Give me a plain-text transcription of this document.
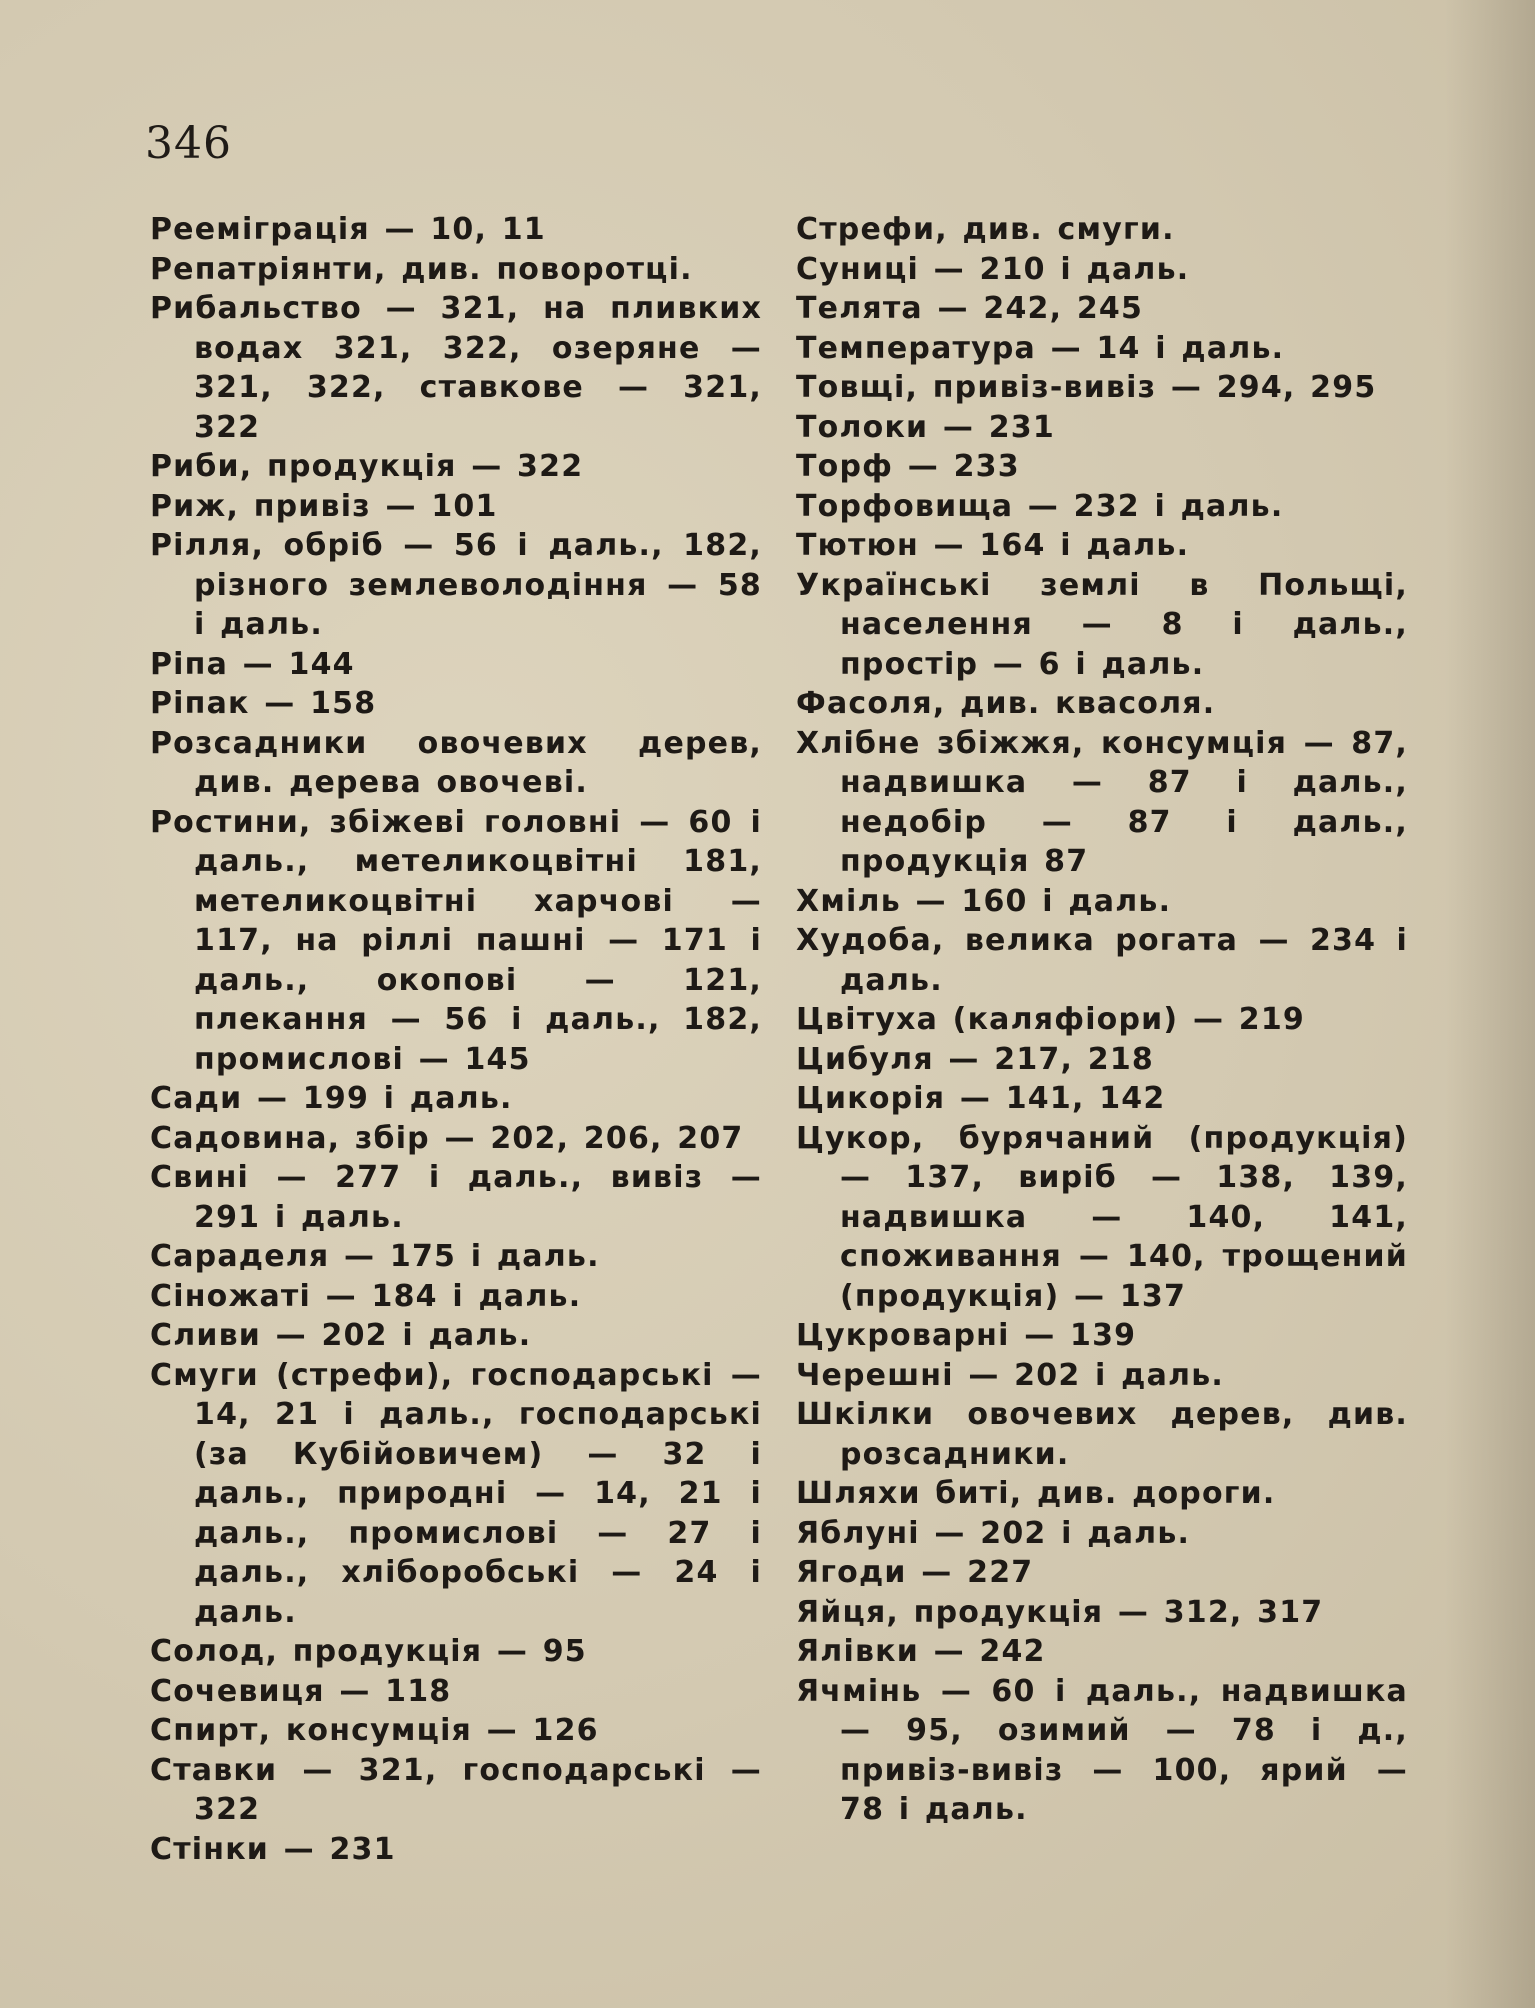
346

Рееміграція — 10, 11

Репатріянти, див. поворотці.

Рибальство — 321, на пливких водах 321, 322, озеряне — 321, 322, ставкове — 321, 322

Риби, продукція — 322

Риж, привіз — 101

Рілля, обріб — 56 і даль., 182, різного землеволодіння — 58 і даль.

Ріпа — 144

Ріпак — 158

Розсадники овочевих дерев, див. дерева овочеві.

Ростини, збіжеві головні — 60 і даль., метеликоцвітні 181, метеликоцвітні харчові — 117, на ріллі пашні — 171 і даль., окопові — 121, плекання — 56 і даль., 182, промислові — 145

Сади — 199 і даль.

Садовина, збір — 202, 206, 207

Свині — 277 і даль., вивіз — 291 і даль.

Сараделя — 175 і даль.

Сіножаті — 184 і даль.

Сливи — 202 і даль.

Смуги (стрефи), господарські — 14, 21 і даль., господарські (за Кубійовичем) — 32 і даль., природні — 14, 21 і даль., промислові — 27 і даль., хліборобські — 24 і даль.

Солод, продукція — 95

Сочевиця — 118

Спирт, консумція — 126

Ставки — 321, господарські — 322

Стінки — 231

Стрефи, див. смуги.

Суниці — 210 і даль.

Телята — 242, 245

Температура — 14 і даль.

Товщі, привіз-вивіз — 294, 295

Толоки — 231

Торф — 233

Торфовища — 232 і даль.

Тютюн — 164 і даль.

Українські землі в Польщі, населення — 8 і даль., простір — 6 і даль.

Фасоля, див. квасоля.

Хлібне збіжжя, консумція — 87, надвишка — 87 і даль., недобір — 87 і даль., продукція 87

Хміль — 160 і даль.

Худоба, велика рогата — 234 і даль.

Цвітуха (каляфіори) — 219

Цибуля — 217, 218

Цикорія — 141, 142

Цукор, бурячаний (продукція) — 137, виріб — 138, 139, надвишка — 140, 141, споживання — 140, трощений (продукція) — 137

Цукроварні — 139

Черешні — 202 і даль.

Шкілки овочевих дерев, див. розсадники.

Шляхи биті, див. дороги.

Яблуні — 202 і даль.

Ягоди — 227

Яйця, продукція — 312, 317

Ялівки — 242

Ячмінь — 60 і даль., надвишка — 95, озимий — 78 і д., привіз-вивіз — 100, ярий — 78 і даль.
